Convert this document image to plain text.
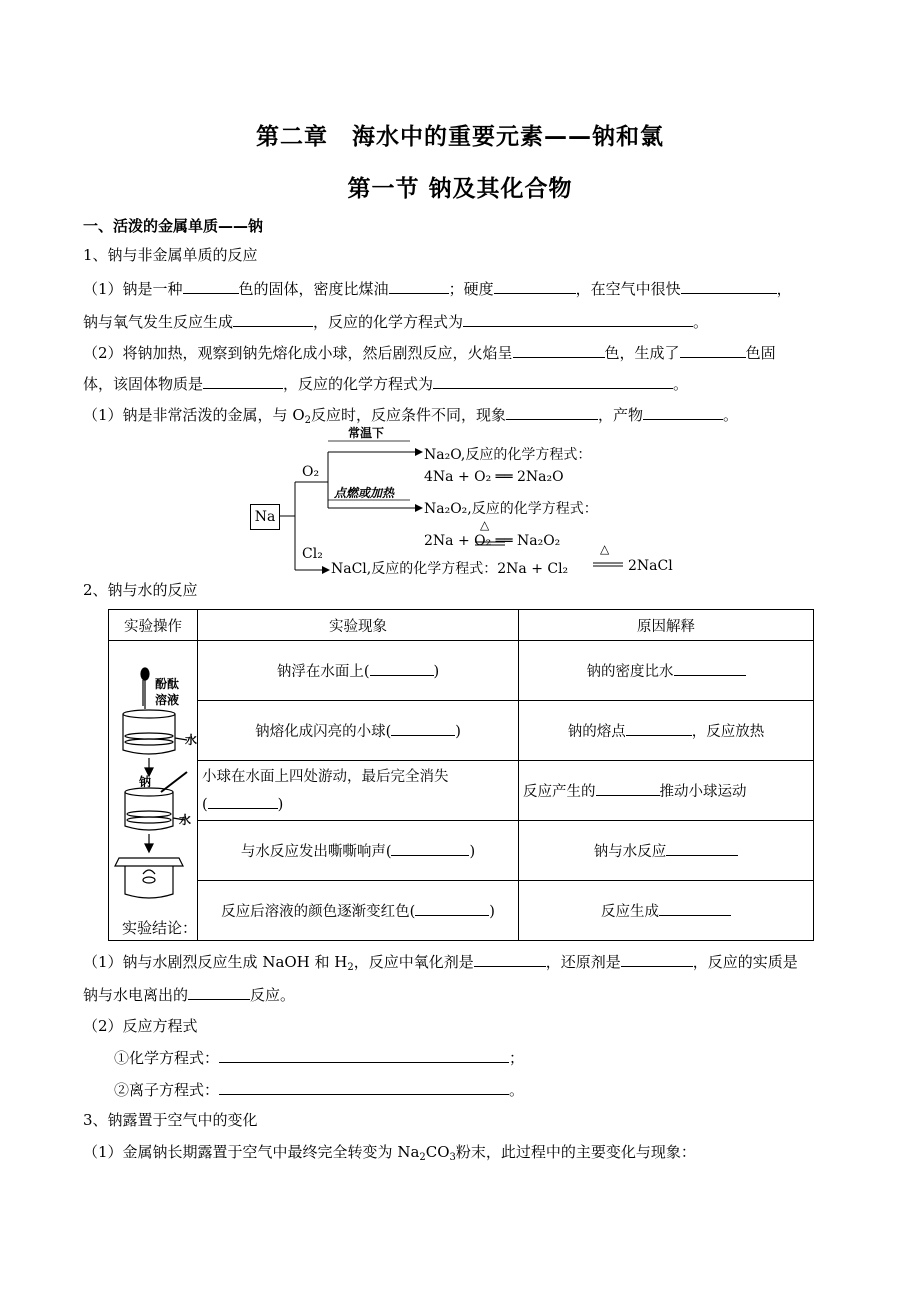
第二章　海水中的重要元素——钠和氯
第一节 钠及其化合物
一、活泼的金属单质——钠
1、钠与非金属单质的反应
（1）钠是一种	色的固体，密度比煤油	；硬度	，在空气中很快	，
钠与氧气发生反应生成	，反应的化学方程式为	。
（2）将钠加热，观察到钠先熔化成小球，然后剧烈反应，火焰呈	色，生成了	色固
体，该固体物质是	，反应的化学方程式为	。
（1）钠是非常活泼的金属，与 $O_2$反应时，反应条件不同，现象	，产物	。
Na
O₂
Cl₂
常温下
Na₂O,反应的化学方程式：
4Na + O₂ ══ 2Na₂O
点燃或加热
Na₂O₂,反应的化学方程式：
△
2Na + O₂ ══ Na₂O₂
NaCl,反应的化学方程式：2Na + Cl₂
△
2NaCl
2、钠与水的反应
实验操作	实验现象	原因解释

酚酞
溶液
水
钠
水	钠浮在水面上( )	钠的密度比水
	钠熔化成闪亮的小球( )	钠的熔点 ，反应放热
	小球在水面上四处游动，最后完全消失
( )	反应产生的 推动小球运动
	与水反应发出嘶嘶响声( )	钠与水反应
	反应后溶液的颜色逐渐变红色( )	反应生成
实验结论：
（1）钠与水剧烈反应生成 NaOH 和 $H_2$，反应中氧化剂是	，还原剂是	，反应的实质是
钠与水电离出的	反应。
（2）反应方程式
①化学方程式：	；
②离子方程式：	。
3、钠露置于空气中的变化
（1）金属钠长期露置于空气中最终完全转变为 $Na_2CO_3$粉末，此过程中的主要变化与现象：
